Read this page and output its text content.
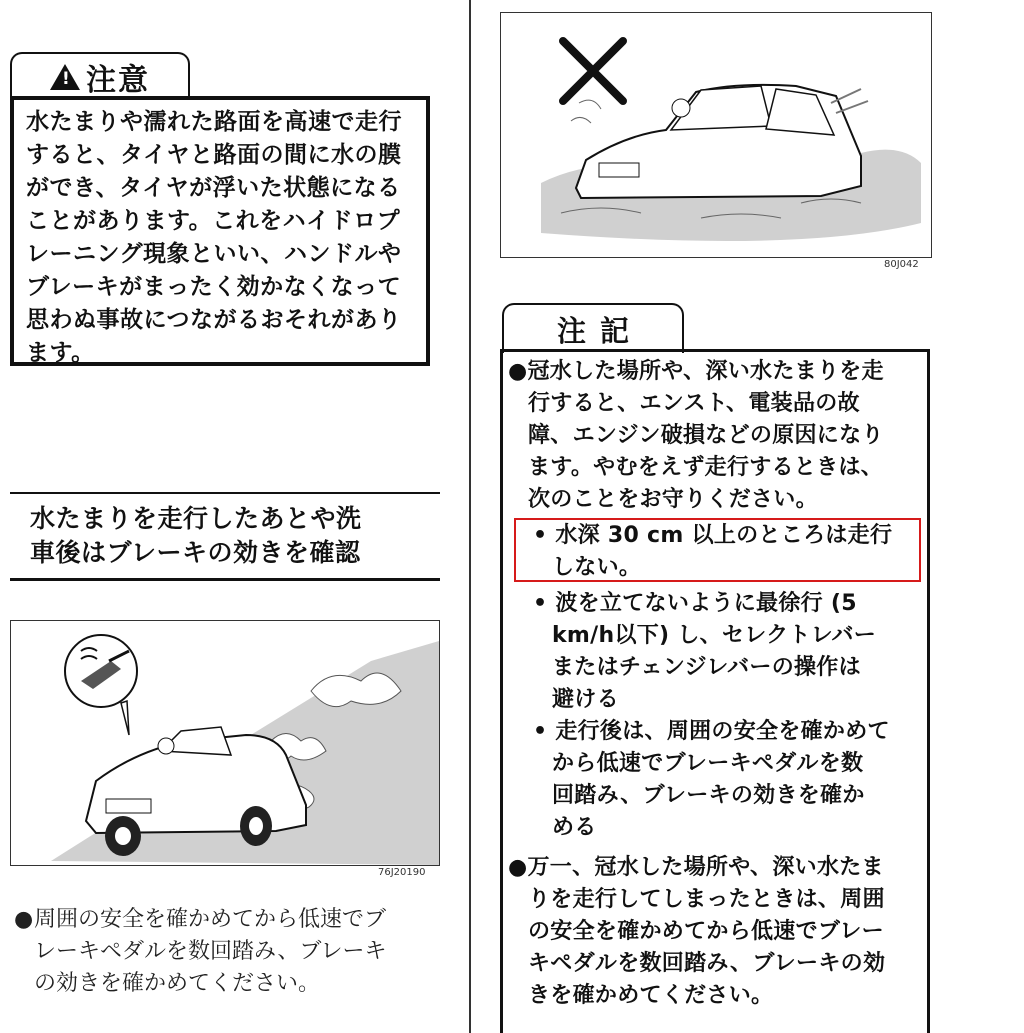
!
注意

水たまりや濡れた路面を高速で走行

すると、タイヤと路面の間に水の膜

ができ、タイヤが浮いた状態になる

ことがあります。これをハイドロプ

レーニング現象といい、ハンドルや

ブレーキがまったく効かなくなって

思わぬ事故につながるおそれがあり

ます。

水たまりを走行したあとや洗
車後はブレーキの効きを確認
76J20190
●周囲の安全を確かめてから低速でブ
レーキペダルを数回踏み、ブレーキ
の効きを確かめてください。
80J042
注記
●冠水した場所や、深い水たまりを走
行すると、エンスト、電装品の故
障、エンジン破損などの原因になり
ます。やむをえず走行するときは、
次のことをお守りください。
• 水深 30 cm 以上のところは走行
しない。
• 波を立てないように最徐行 (5
km/h以下) し、セレクトレバー
またはチェンジレバーの操作は
避ける
• 走行後は、周囲の安全を確かめて
から低速でブレーキペダルを数
回踏み、ブレーキの効きを確か
める
●万一、冠水した場所や、深い水たま
りを走行してしまったときは、周囲
の安全を確かめてから低速でブレー
キペダルを数回踏み、ブレーキの効
きを確かめてください。
